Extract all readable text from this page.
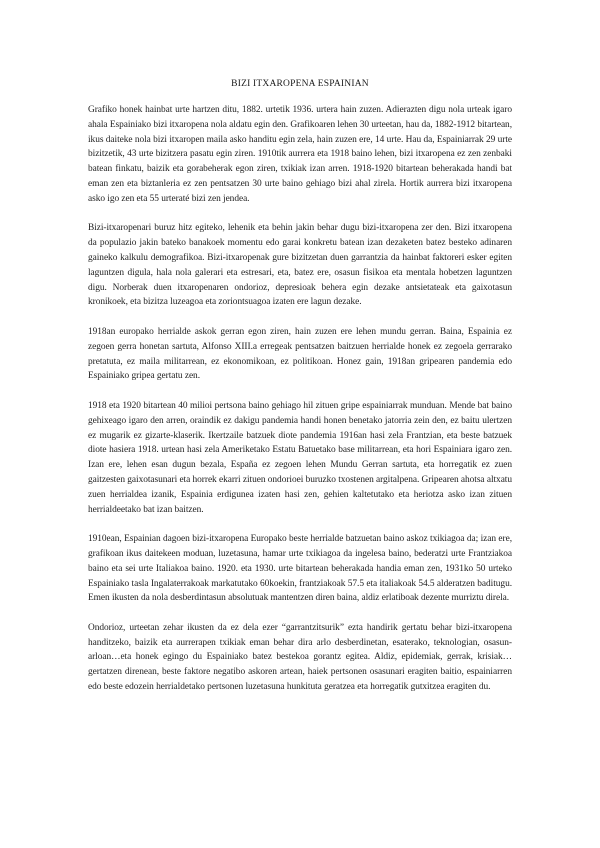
BIZI ITXAROPENA ESPAINIAN

Grafiko honek hainbat urte hartzen ditu, 1882. urtetik 1936. urtera hain zuzen. Adierazten digu nola urteak igaro ahala Espainiako bizi itxaropena nola aldatu egin den. Grafikoaren lehen 30 urteetan, hau da, 1882-1912 bitartean, ikus daiteke nola bizi itxaropen maila asko handitu egin zela, hain zuzen ere, 14 urte. Hau da, Espainiarrak 29 urte bizitzetik, 43 urte bizitzera pasatu egin ziren. 1910tik aurrera eta 1918 baino lehen, bizi itxaropena ez zen zenbaki batean finkatu, baizik eta gorabeherak egon ziren, txikiak izan arren. 1918-1920 bitartean beherakada handi bat eman zen eta biztanleria ez zen pentsatzen 30 urte baino gehiago bizi ahal zirela. Hortik aurrera bizi itxaropena asko igo zen eta 55 urteraté bizi zen jendea.

Bizi-itxaropenari buruz hitz egiteko, lehenik eta behin jakin behar dugu bizi-itxaropena zer den. Bizi itxaropena da populazio jakin bateko banakoek momentu edo garai konkretu batean izan dezaketen batez besteko adinaren gaineko kalkulu demografikoa. Bizi-itxaropenak gure bizitzetan duen garrantzia da hainbat faktoreri esker egiten laguntzen digula, hala nola galerari eta estresari, eta, batez ere, osasun fisikoa eta mentala hobetzen laguntzen digu. Norberak duen itxaropenaren ondorioz, depresioak behera egin dezake antsietateak eta gaixotasun kronikoek, eta bizitza luzeagoa eta zoriontsuagoa izaten ere lagun dezake.

1918an europako herrialde askok gerran egon ziren, hain zuzen ere lehen mundu gerran. Baina, Espainia ez zegoen gerra honetan sartuta, Alfonso XIII.a erregeak pentsatzen baitzuen herrialde honek ez zegoela gerrarako pretatuta, ez maila militarrean, ez ekonomikoan, ez politikoan. Honez gain, 1918an gripearen pandemia edo Espainiako gripea gertatu zen.

1918 eta 1920 bitartean 40 milioi pertsona baino gehiago hil zituen gripe espainiarrak munduan. Mende bat baino gehixeago igaro den arren, oraindik ez dakigu pandemia handi honen benetako jatorria zein den, ez baitu ulertzen ez mugarik ez gizarte-klaserik. Ikertzaile batzuek diote pandemia 1916an hasi zela Frantzian, eta beste batzuek diote hasiera 1918. urtean hasi zela Ameriketako Estatu Batuetako base militarrean, eta hori Espainiara igaro zen. Izan ere, lehen esan dugun bezala, España ez zegoen lehen Mundu Gerran sartuta, eta horregatik ez zuen gaitzesten gaixotasunari eta horrek ekarri zituen ondorioei buruzko txostenen argitalpena. Gripearen ahotsa altxatu zuen herrialdea izanik, Espainia erdigunea izaten hasi zen, gehien kaltetutako eta heriotza asko izan zituen herrialdeetako bat izan baitzen.

1910ean, Espainian dagoen bizi-itxaropena Europako beste herrialde batzuetan baino askoz txikiagoa da; izan ere, grafikoan ikus daitekeen moduan, luzetasuna, hamar urte txikiagoa da ingelesa baino, bederatzi urte Frantziakoa baino eta sei urte Italiakoa baino. 1920. eta 1930. urte bitartean beherakada handia eman zen, 1931ko 50 urteko Espainiako tasla Ingalaterrakoak markatutako 60koekin, frantziakoak 57.5 eta italiakoak 54.5 alderatzen baditugu. Emen ikusten da nola desberdintasun absolutuak mantentzen diren baina, aldiz erlatiboak dezente murriztu direla.

Ondorioz, urteetan zehar ikusten da ez dela ezer “garrantzitsurik” ezta handirik gertatu behar bizi-itxaropena handitzeko, baizik eta aurrerapen txikiak eman behar dira arlo desberdinetan, esaterako, teknologian, osasun-arloan…eta honek egingo du Espainiako batez bestekoa gorantz egitea. Aldiz, epidemiak, gerrak, krisiak… gertatzen direnean, beste faktore negatibo askoren artean, haiek pertsonen osasunari eragiten baitio, espainiarren edo beste edozein herrialdetako pertsonen luzetasuna hunkituta geratzea eta horregatik gutxitzea eragiten du.
